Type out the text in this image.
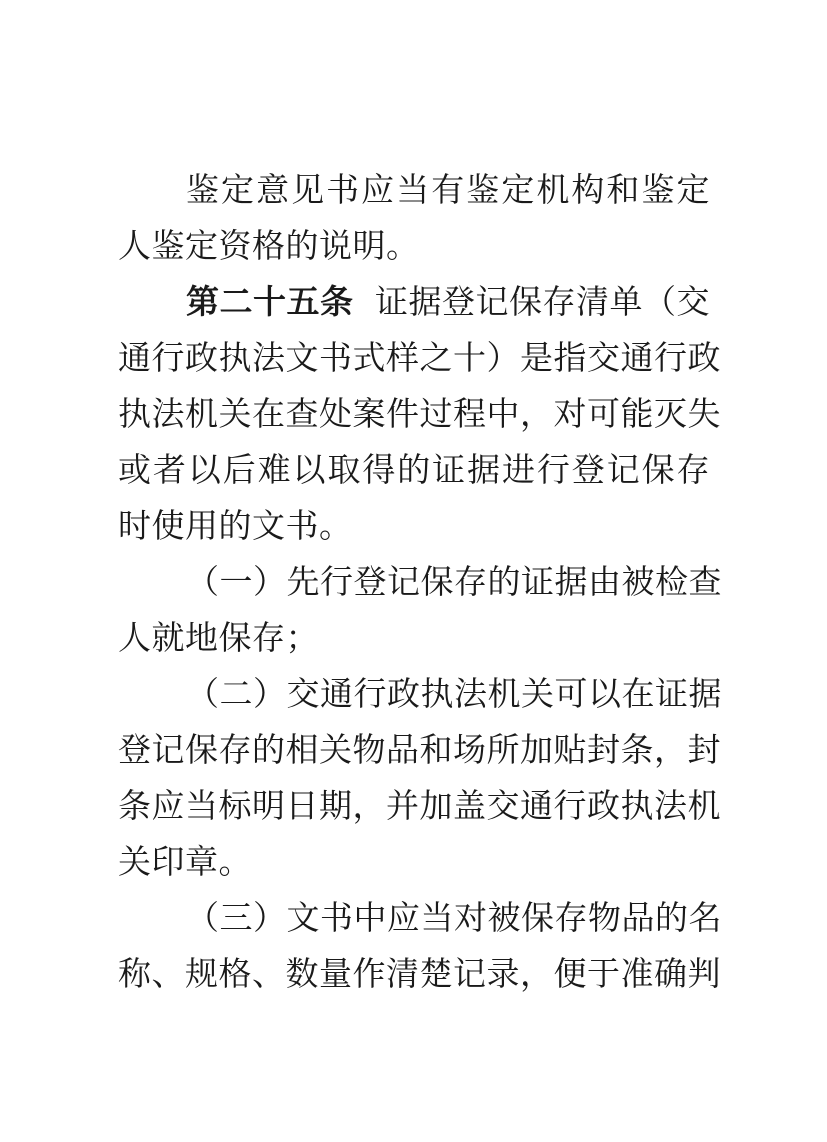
鉴定意见书应当有鉴定机构和鉴定
人鉴定资格的说明。
第二十五条 证据登记保存清单（交
通行政执法文书式样之十）是指交通行政
执法机关在查处案件过程中，对可能灭失
或者以后难以取得的证据进行登记保存
时使用的文书。
（一）先行登记保存的证据由被检查
人就地保存；
（二）交通行政执法机关可以在证据
登记保存的相关物品和场所加贴封条，封
条应当标明日期，并加盖交通行政执法机
关印章。
（三）文书中应当对被保存物品的名
称、规格、数量作清楚记录，便于准确判
